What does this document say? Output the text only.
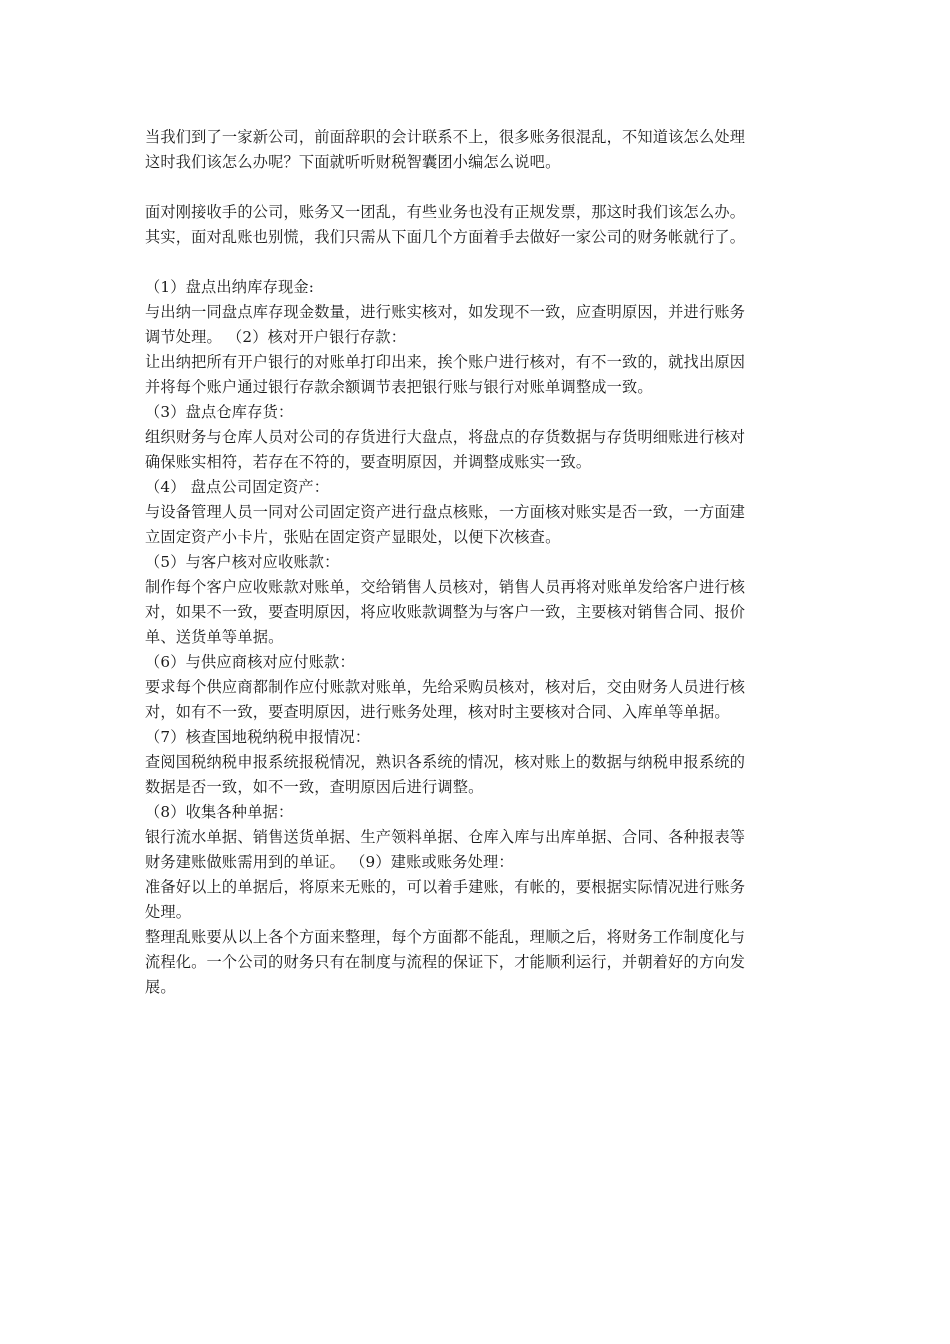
当我们到了一家新公司，前面辞职的会计联系不上，很多账务很混乱，不知道该怎么处理
这时我们该怎么办呢？下面就听听财税智囊团小编怎么说吧。
面对刚接收手的公司，账务又一团乱，有些业务也没有正规发票，那这时我们该怎么办。
其实，面对乱账也别慌，我们只需从下面几个方面着手去做好一家公司的财务帐就行了。
（1）盘点出纳库存现金:
与出纳一同盘点库存现金数量，进行账实核对，如发现不一致，应查明原因，并进行账务
调节处理。 （2）核对开户银行存款：
让出纳把所有开户银行的对账单打印出来，挨个账户进行核对，有不一致的，就找出原因
并将每个账户通过银行存款余额调节表把银行账与银行对账单调整成一致。
（3）盘点仓库存货：
组织财务与仓库人员对公司的存货进行大盘点，将盘点的存货数据与存货明细账进行核对
确保账实相符，若存在不符的，要查明原因，并调整成账实一致。
（4） 盘点公司固定资产：
与设备管理人员一同对公司固定资产进行盘点核账，一方面核对账实是否一致，一方面建
立固定资产小卡片，张贴在固定资产显眼处，以便下次核查。
（5）与客户核对应收账款：
制作每个客户应收账款对账单，交给销售人员核对，销售人员再将对账单发给客户进行核
对，如果不一致，要查明原因，将应收账款调整为与客户一致，主要核对销售合同、报价
单、送货单等单据。
（6）与供应商核对应付账款：
要求每个供应商都制作应付账款对账单，先给采购员核对，核对后，交由财务人员进行核
对，如有不一致，要查明原因，进行账务处理，核对时主要核对合同、入库单等单据。
（7）核查国地税纳税申报情况：
查阅国税纳税申报系统报税情况，熟识各系统的情况，核对账上的数据与纳税申报系统的
数据是否一致，如不一致，查明原因后进行调整。
（8）收集各种单据：
银行流水单据、销售送货单据、生产领料单据、仓库入库与出库单据、合同、各种报表等
财务建账做账需用到的单证。 （9）建账或账务处理：
准备好以上的单据后，将原来无账的，可以着手建账，有帐的，要根据实际情况进行账务
处理。
整理乱账要从以上各个方面来整理，每个方面都不能乱，理顺之后，将财务工作制度化与
流程化。一个公司的财务只有在制度与流程的保证下，才能顺利运行，并朝着好的方向发
展。
